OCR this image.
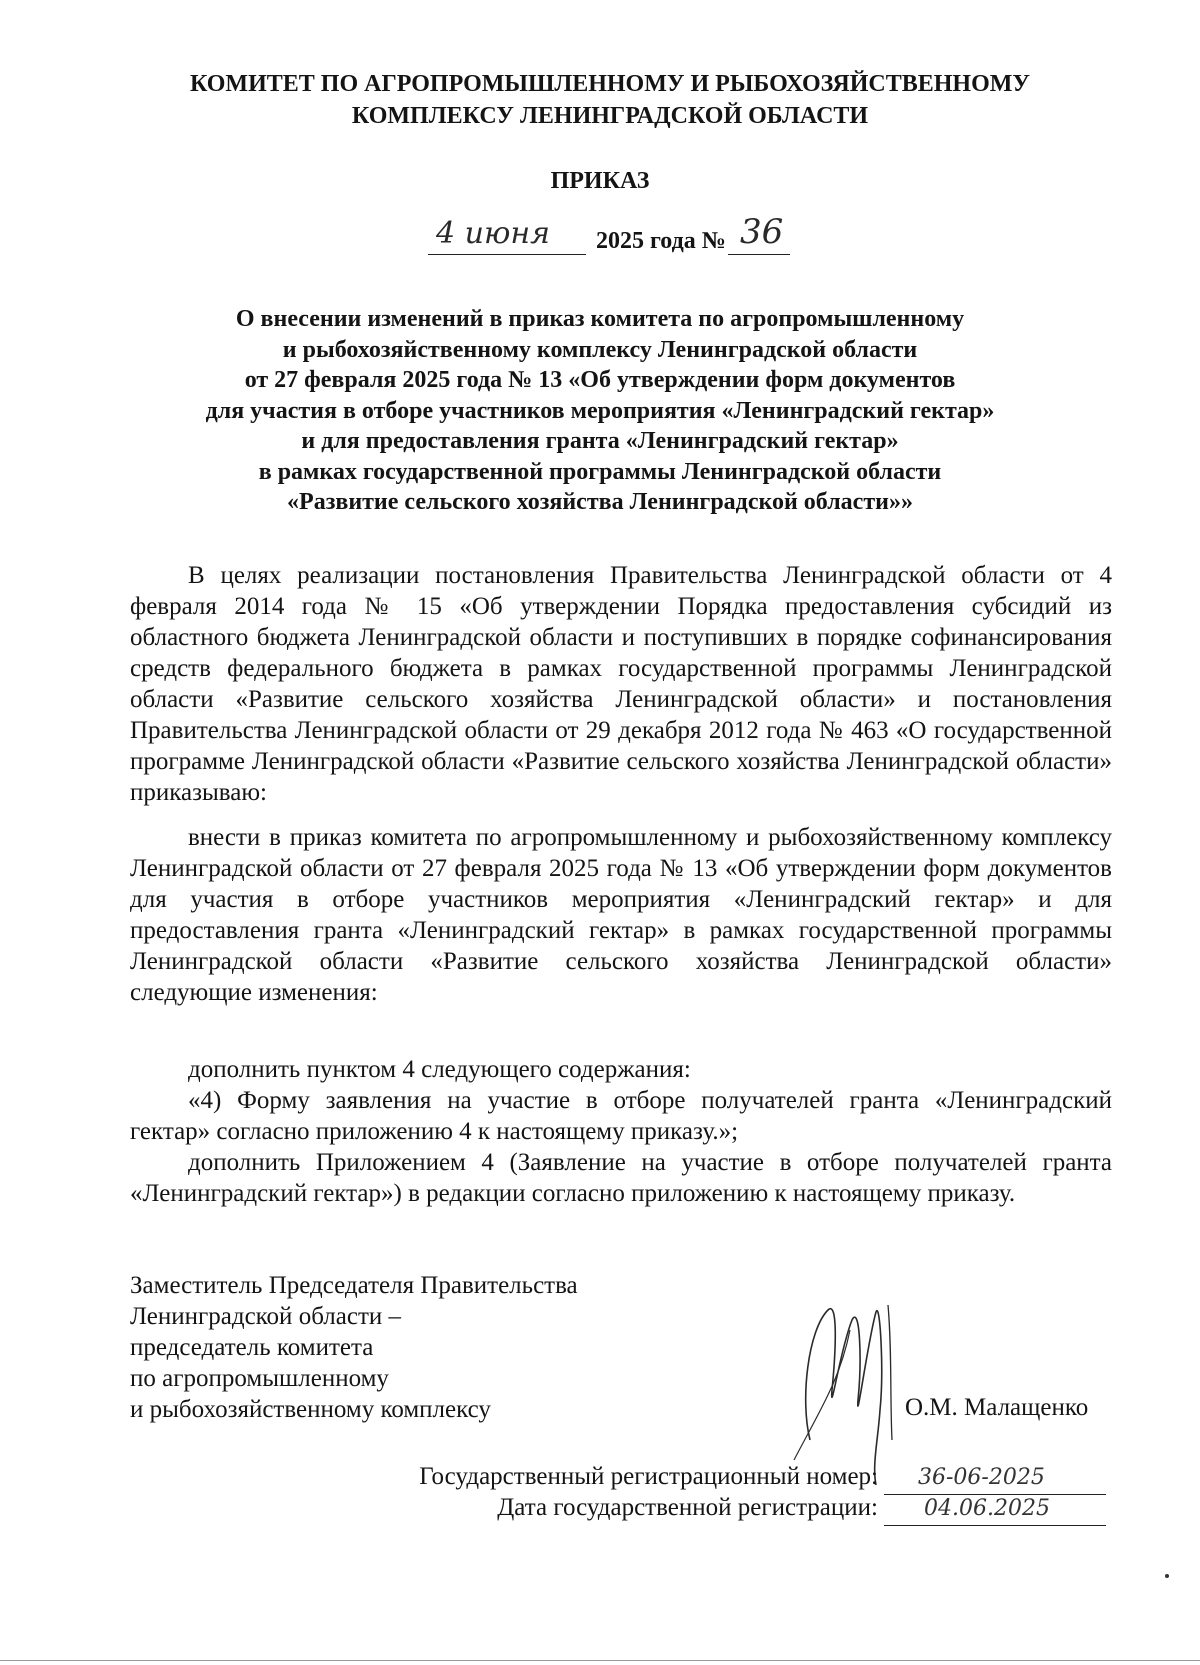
КОМИТЕТ ПО АГРОПРОМЫШЛЕННОМУ И РЫБОХОЗЯЙСТВЕННОМУ
КОМПЛЕКСУ ЛЕНИНГРАДСКОЙ ОБЛАСТИ
ПРИКАЗ
4 июня 2025 года № 36
О внесении изменений в приказ комитета по агропромышленному
и рыбохозяйственному комплексу Ленинградской области
от 27 февраля 2025 года № 13 «Об утверждении форм документов
для участия в отборе участников мероприятия «Ленинградский гектар»
и для предоставления гранта «Ленинградский гектар»
в рамках государственной программы Ленинградской области
«Развитие сельского хозяйства Ленинградской области»»

В целях реализации постановления Правительства Ленинградской области от 4 февраля 2014 года № 15 «Об утверждении Порядка предоставления субсидий из областного бюджета Ленинградской области и поступивших в порядке софинансирования средств федерального бюджета в рамках государственной программы Ленинградской области «Развитие сельского хозяйства Ленинградской области» и постановления Правительства Ленинградской области от 29 декабря 2012 года № 463 «О государственной программе Ленинградской области «Развитие сельского хозяйства Ленинградской области» приказываю:

внести в приказ комитета по агропромышленному и рыбохозяйственному комплексу Ленинградской области от 27 февраля 2025 года № 13 «Об утверждении форм документов для участия в отборе участников мероприятия «Ленинградский гектар» и для предоставления гранта «Ленинградский гектар» в рамках государственной программы Ленинградской области «Развитие сельского хозяйства Ленинградской области» следующие изменения:

дополнить пунктом 4 следующего содержания:

«4) Форму заявления на участие в отборе получателей гранта «Ленинградский гектар» согласно приложению 4 к настоящему приказу.»;

дополнить Приложением 4 (Заявление на участие в отборе получателей гранта «Ленинградский гектар») в редакции согласно приложению к настоящему приказу.

Заместитель Председателя Правительства
Ленинградской области –
председатель комитета
по агропромышленному
и рыбохозяйственному комплексу	О.М. Малащенко
Государственный регистрационный номер: 36-06-2025
Дата государственной регистрации: 04.06.2025
